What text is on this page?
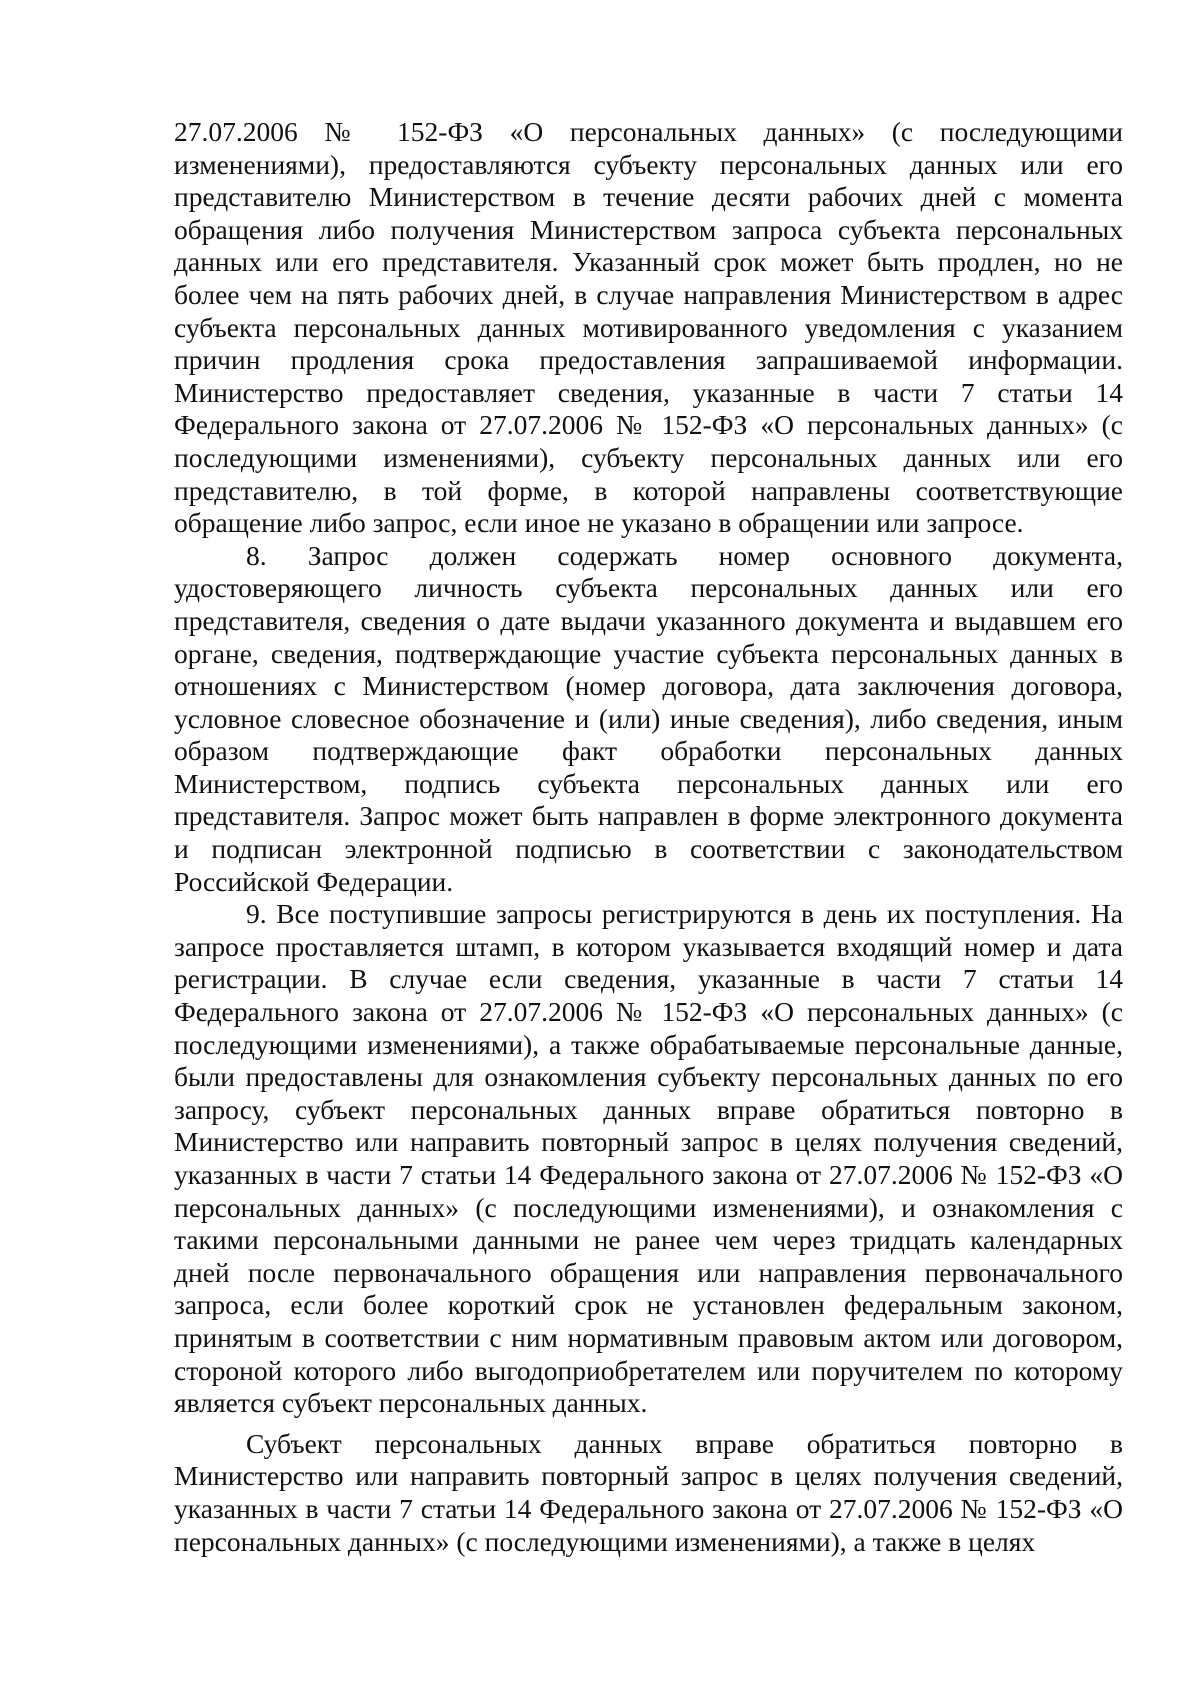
27.07.2006 № 152-ФЗ «О персональных данных» (с последующими изменениями), предоставляются субъекту персональных данных или его представителю Министерством в течение десяти рабочих дней с момента обращения либо получения Министерством запроса субъекта персональных данных или его представителя. Указанный срок может быть продлен, но не более чем на пять рабочих дней, в случае направления Министерством в адрес субъекта персональных данных мотивированного уведомления с указанием причин продления срока предоставления запрашиваемой информации. Министерство предоставляет сведения, указанные в части 7 статьи 14 Федерального закона от 27.07.2006 № 152-ФЗ «О персональных данных» (с последующими изменениями), субъекту персональных данных или его представителю, в той форме, в которой направлены соответствующие обращение либо запрос, если иное не указано в обращении или запросе.

8. Запрос должен содержать номер основного документа, удостоверяющего личность субъекта персональных данных или его представителя, сведения о дате выдачи указанного документа и выдавшем его органе, сведения, подтверждающие участие субъекта персональных данных в отношениях с Министерством (номер договора, дата заключения договора, условное словесное обозначение и (или) иные сведения), либо сведения, иным образом подтверждающие факт обработки персональных данных Министерством, подпись субъекта персональных данных или его представителя. Запрос может быть направлен в форме электронного документа и подписан электронной подписью в соответствии с законодательством Российской Федерации.

9. Все поступившие запросы регистрируются в день их поступления. На запросе проставляется штамп, в котором указывается входящий номер и дата регистрации. В случае если сведения, указанные в части 7 статьи 14 Федерального закона от 27.07.2006 № 152-ФЗ «О персональных данных» (с последующими изменениями), а также обрабатываемые персональные данные, были предоставлены для ознакомления субъекту персональных данных по его запросу, субъект персональных данных вправе обратиться повторно в Министерство или направить повторный запрос в целях получения сведений, указанных в части 7 статьи 14 Федерального закона от 27.07.2006 № 152-ФЗ «О персональных данных» (с последующими изменениями), и ознакомления с такими персональными данными не ранее чем через тридцать календарных дней после первоначального обращения или направления первоначального запроса, если более короткий срок не установлен федеральным законом, принятым в соответствии с ним нормативным правовым актом или договором, стороной которого либо выгодоприобретателем или поручителем по которому является субъект персональных данных.

Субъект персональных данных вправе обратиться повторно в Министерство или направить повторный запрос в целях получения сведений, указанных в части 7 статьи 14 Федерального закона от 27.07.2006 № 152-ФЗ «О персональных данных» (с последующими изменениями), а также в целях
